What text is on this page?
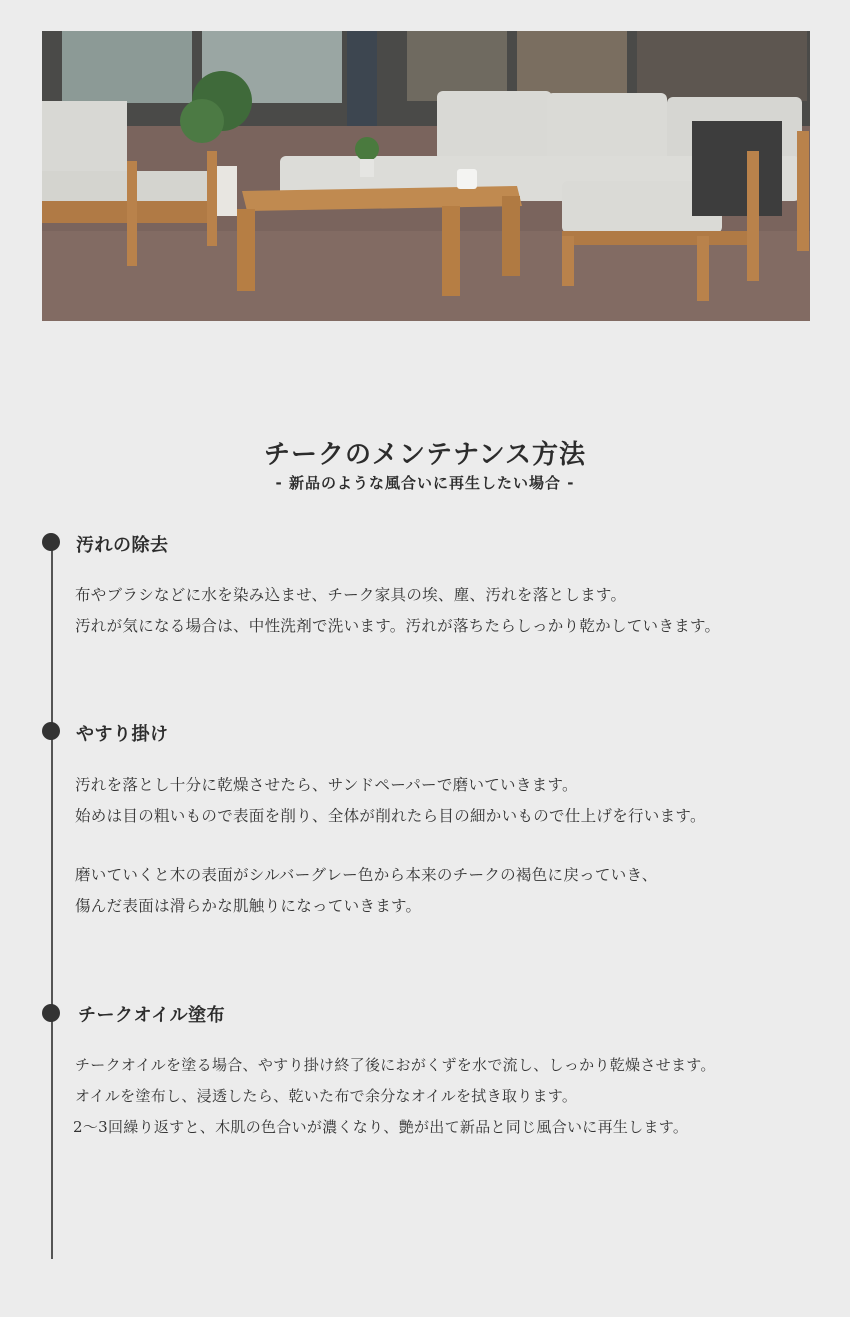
チークのメンテナンス方法
- 新品のような風合いに再生したい場合 -
汚れの除去
布やブラシなどに水を染み込ませ、チーク家具の埃、塵、汚れを落とします。
汚れが気になる場合は、中性洗剤で洗います。汚れが落ちたらしっかり乾かしていきます。
やすり掛け
汚れを落とし十分に乾燥させたら、サンドペーパーで磨いていきます。
始めは目の粗いもので表面を削り、全体が削れたら目の細かいもので仕上げを行います。
磨いていくと木の表面がシルバーグレー色から本来のチークの褐色に戻っていき、
傷んだ表面は滑らかな肌触りになっていきます。
チークオイル塗布
チークオイルを塗る場合、やすり掛け終了後におがくずを水で流し、しっかり乾燥させます。
オイルを塗布し、浸透したら、乾いた布で余分なオイルを拭き取ります。
2〜3回繰り返すと、木肌の色合いが濃くなり、艶が出て新品と同じ風合いに再生します。
